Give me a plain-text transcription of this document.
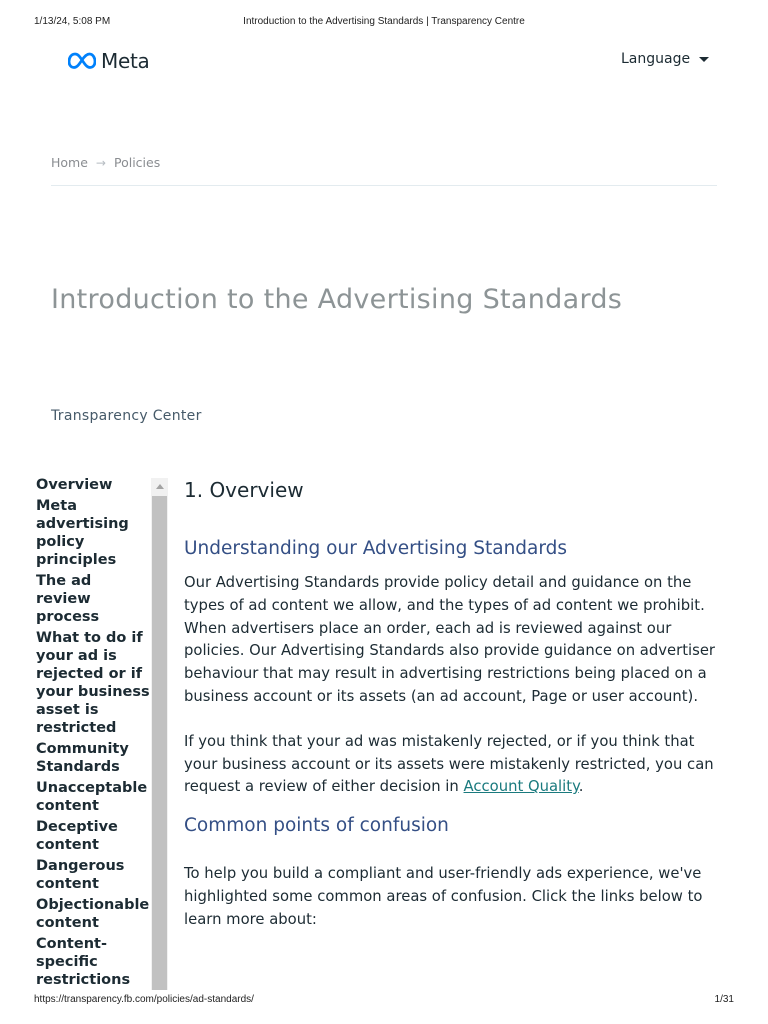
1/13/24, 5:08 PM	Introduction to the Advertising Standards | Transparency Centre
Meta	Language
Home → Policies
Introduction to the Advertising Standards
Transparency Center
Overview
Meta advertising policy principles
The ad review process
What to do if your ad is rejected or if your business asset is restricted
Community Standards
Unacceptable content
Deceptive content
Dangerous content
Objectionable content
Content-specific restrictions
1. Overview
Understanding our Advertising Standards

Our Advertising Standards provide policy detail and guidance on the types of ad content we allow, and the types of ad content we prohibit. When advertisers place an order, each ad is reviewed against our policies. Our Advertising Standards also provide guidance on advertiser behaviour that may result in advertising restrictions being placed on a business account or its assets (an ad account, Page or user account).

If you think that your ad was mistakenly rejected, or if you think that your business account or its assets were mistakenly restricted, you can request a review of either decision in Account Quality.

Common points of confusion

To help you build a compliant and user-friendly ads experience, we've highlighted some common areas of confusion. Click the links below to learn more about:

https://transparency.fb.com/policies/ad-standards/	1/31
